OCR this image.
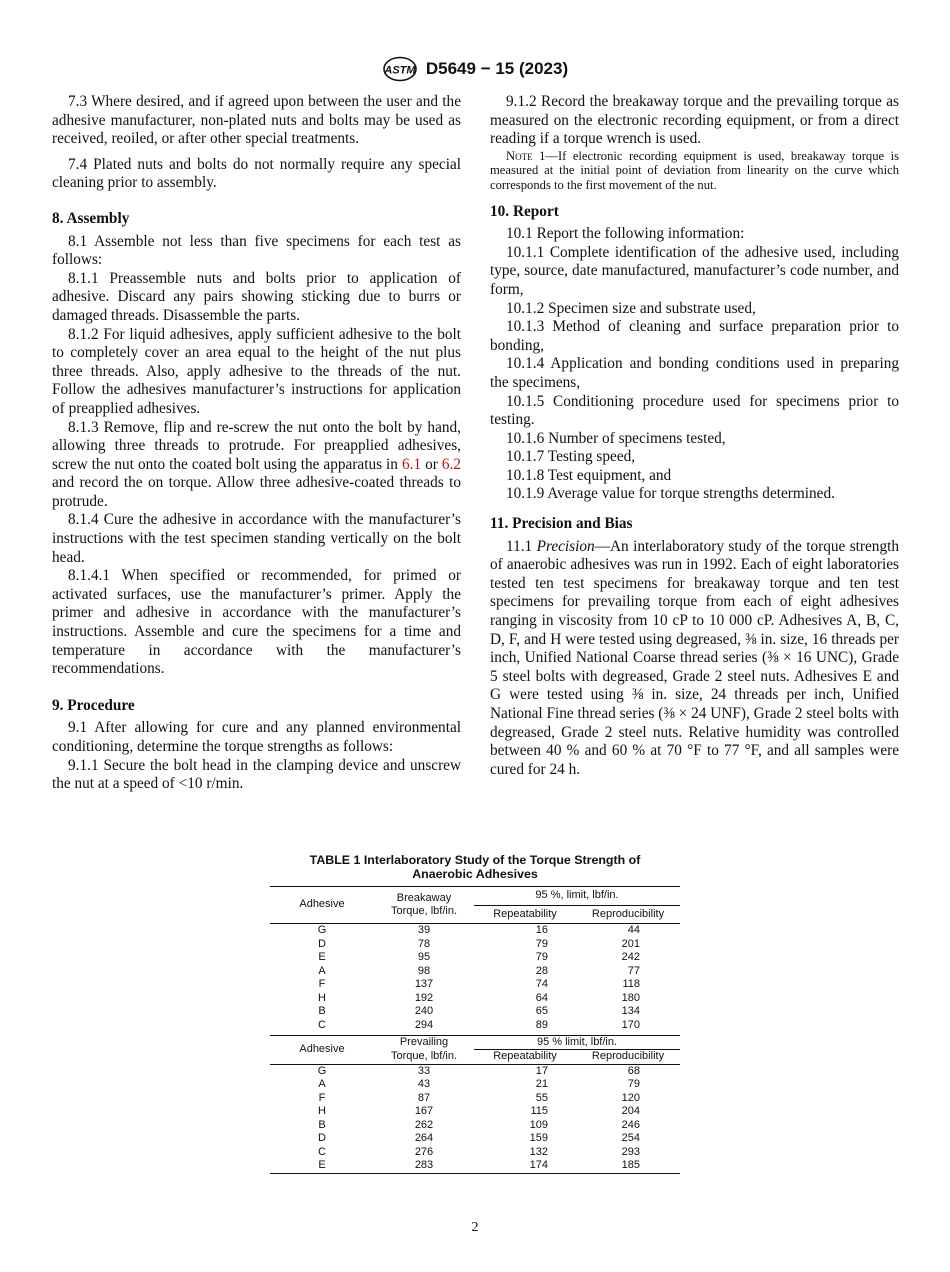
ASTM D5649 − 15 (2023)

7.3 Where desired, and if agreed upon between the user and the adhesive manufacturer, non-plated nuts and bolts may be used as received, reoiled, or after other special treatments.

7.4 Plated nuts and bolts do not normally require any special cleaning prior to assembly.

8. Assembly

8.1 Assemble not less than five specimens for each test as follows:

8.1.1 Preassemble nuts and bolts prior to application of adhesive. Discard any pairs showing sticking due to burrs or damaged threads. Disassemble the parts.

8.1.2 For liquid adhesives, apply sufficient adhesive to the bolt to completely cover an area equal to the height of the nut plus three threads. Also, apply adhesive to the threads of the nut. Follow the adhesives manufacturer’s instructions for application of preapplied adhesives.

8.1.3 Remove, flip and re-screw the nut onto the bolt by hand, allowing three threads to protrude. For preapplied adhesives, screw the nut onto the coated bolt using the apparatus in 6.1 or 6.2 and record the on torque. Allow three adhesive-coated threads to protrude.

8.1.4 Cure the adhesive in accordance with the manufacturer’s instructions with the test specimen standing vertically on the bolt head.

8.1.4.1 When specified or recommended, for primed or activated surfaces, use the manufacturer’s primer. Apply the primer and adhesive in accordance with the manufacturer’s instructions. Assemble and cure the specimens for a time and temperature in accordance with the manufacturer’s recommendations.

9. Procedure

9.1 After allowing for cure and any planned environmental conditioning, determine the torque strengths as follows:

9.1.1 Secure the bolt head in the clamping device and unscrew the nut at a speed of <10 r/min.

9.1.2 Record the breakaway torque and the prevailing torque as measured on the electronic recording equipment, or from a direct reading if a torque wrench is used.

Note 1—If electronic recording equipment is used, breakaway torque is measured at the initial point of deviation from linearity on the curve which corresponds to the first movement of the nut.

10. Report

10.1 Report the following information:

10.1.1 Complete identification of the adhesive used, including type, source, date manufactured, manufacturer’s code number, and form,

10.1.2 Specimen size and substrate used,

10.1.3 Method of cleaning and surface preparation prior to bonding,

10.1.4 Application and bonding conditions used in preparing the specimens,

10.1.5 Conditioning procedure used for specimens prior to testing.

10.1.6 Number of specimens tested,

10.1.7 Testing speed,

10.1.8 Test equipment, and

10.1.9 Average value for torque strengths determined.

11. Precision and Bias

11.1 Precision—An interlaboratory study of the torque strength of anaerobic adhesives was run in 1992. Each of eight laboratories tested ten test specimens for breakaway torque and ten test specimens for prevailing torque from each of eight adhesives ranging in viscosity from 10 cP to 10 000 cP. Adhesives A, B, C, D, F, and H were tested using degreased, ⅜ in. size, 16 threads per inch, Unified National Coarse thread series (⅜ × 16 UNC), Grade 5 steel bolts with degreased, Grade 2 steel nuts. Adhesives E and G were tested using ⅜ in. size, 24 threads per inch, Unified National Fine thread series (⅜ × 24 UNF), Grade 2 steel bolts with degreased, Grade 2 steel nuts. Relative humidity was controlled between 40 % and 60 % at 70 °F to 77 °F, and all samples were cured for 24 h.

TABLE 1 Interlaboratory Study of the Torque Strength of
Anaerobic Adhesives
Adhesive	Breakaway
Torque, lbf/in.	95 %, limit, lbf/in.	
		Repeatability	Reproducibility
G	39	16	44
D	78	79	201
E	95	79	242
A	98	28	77
F	137	74	118
H	192	64	180
B	240	65	134
C	294	89	170

Adhesive	Prevailing	95 % limit, lbf/in.	
	Torque, lbf/in.	Repeatability	Reproducibility
G	33	17	68
A	43	21	79
F	87	55	120
H	167	115	204
B	262	109	246
D	264	159	254
C	276	132	293
E	283	174	185
2
